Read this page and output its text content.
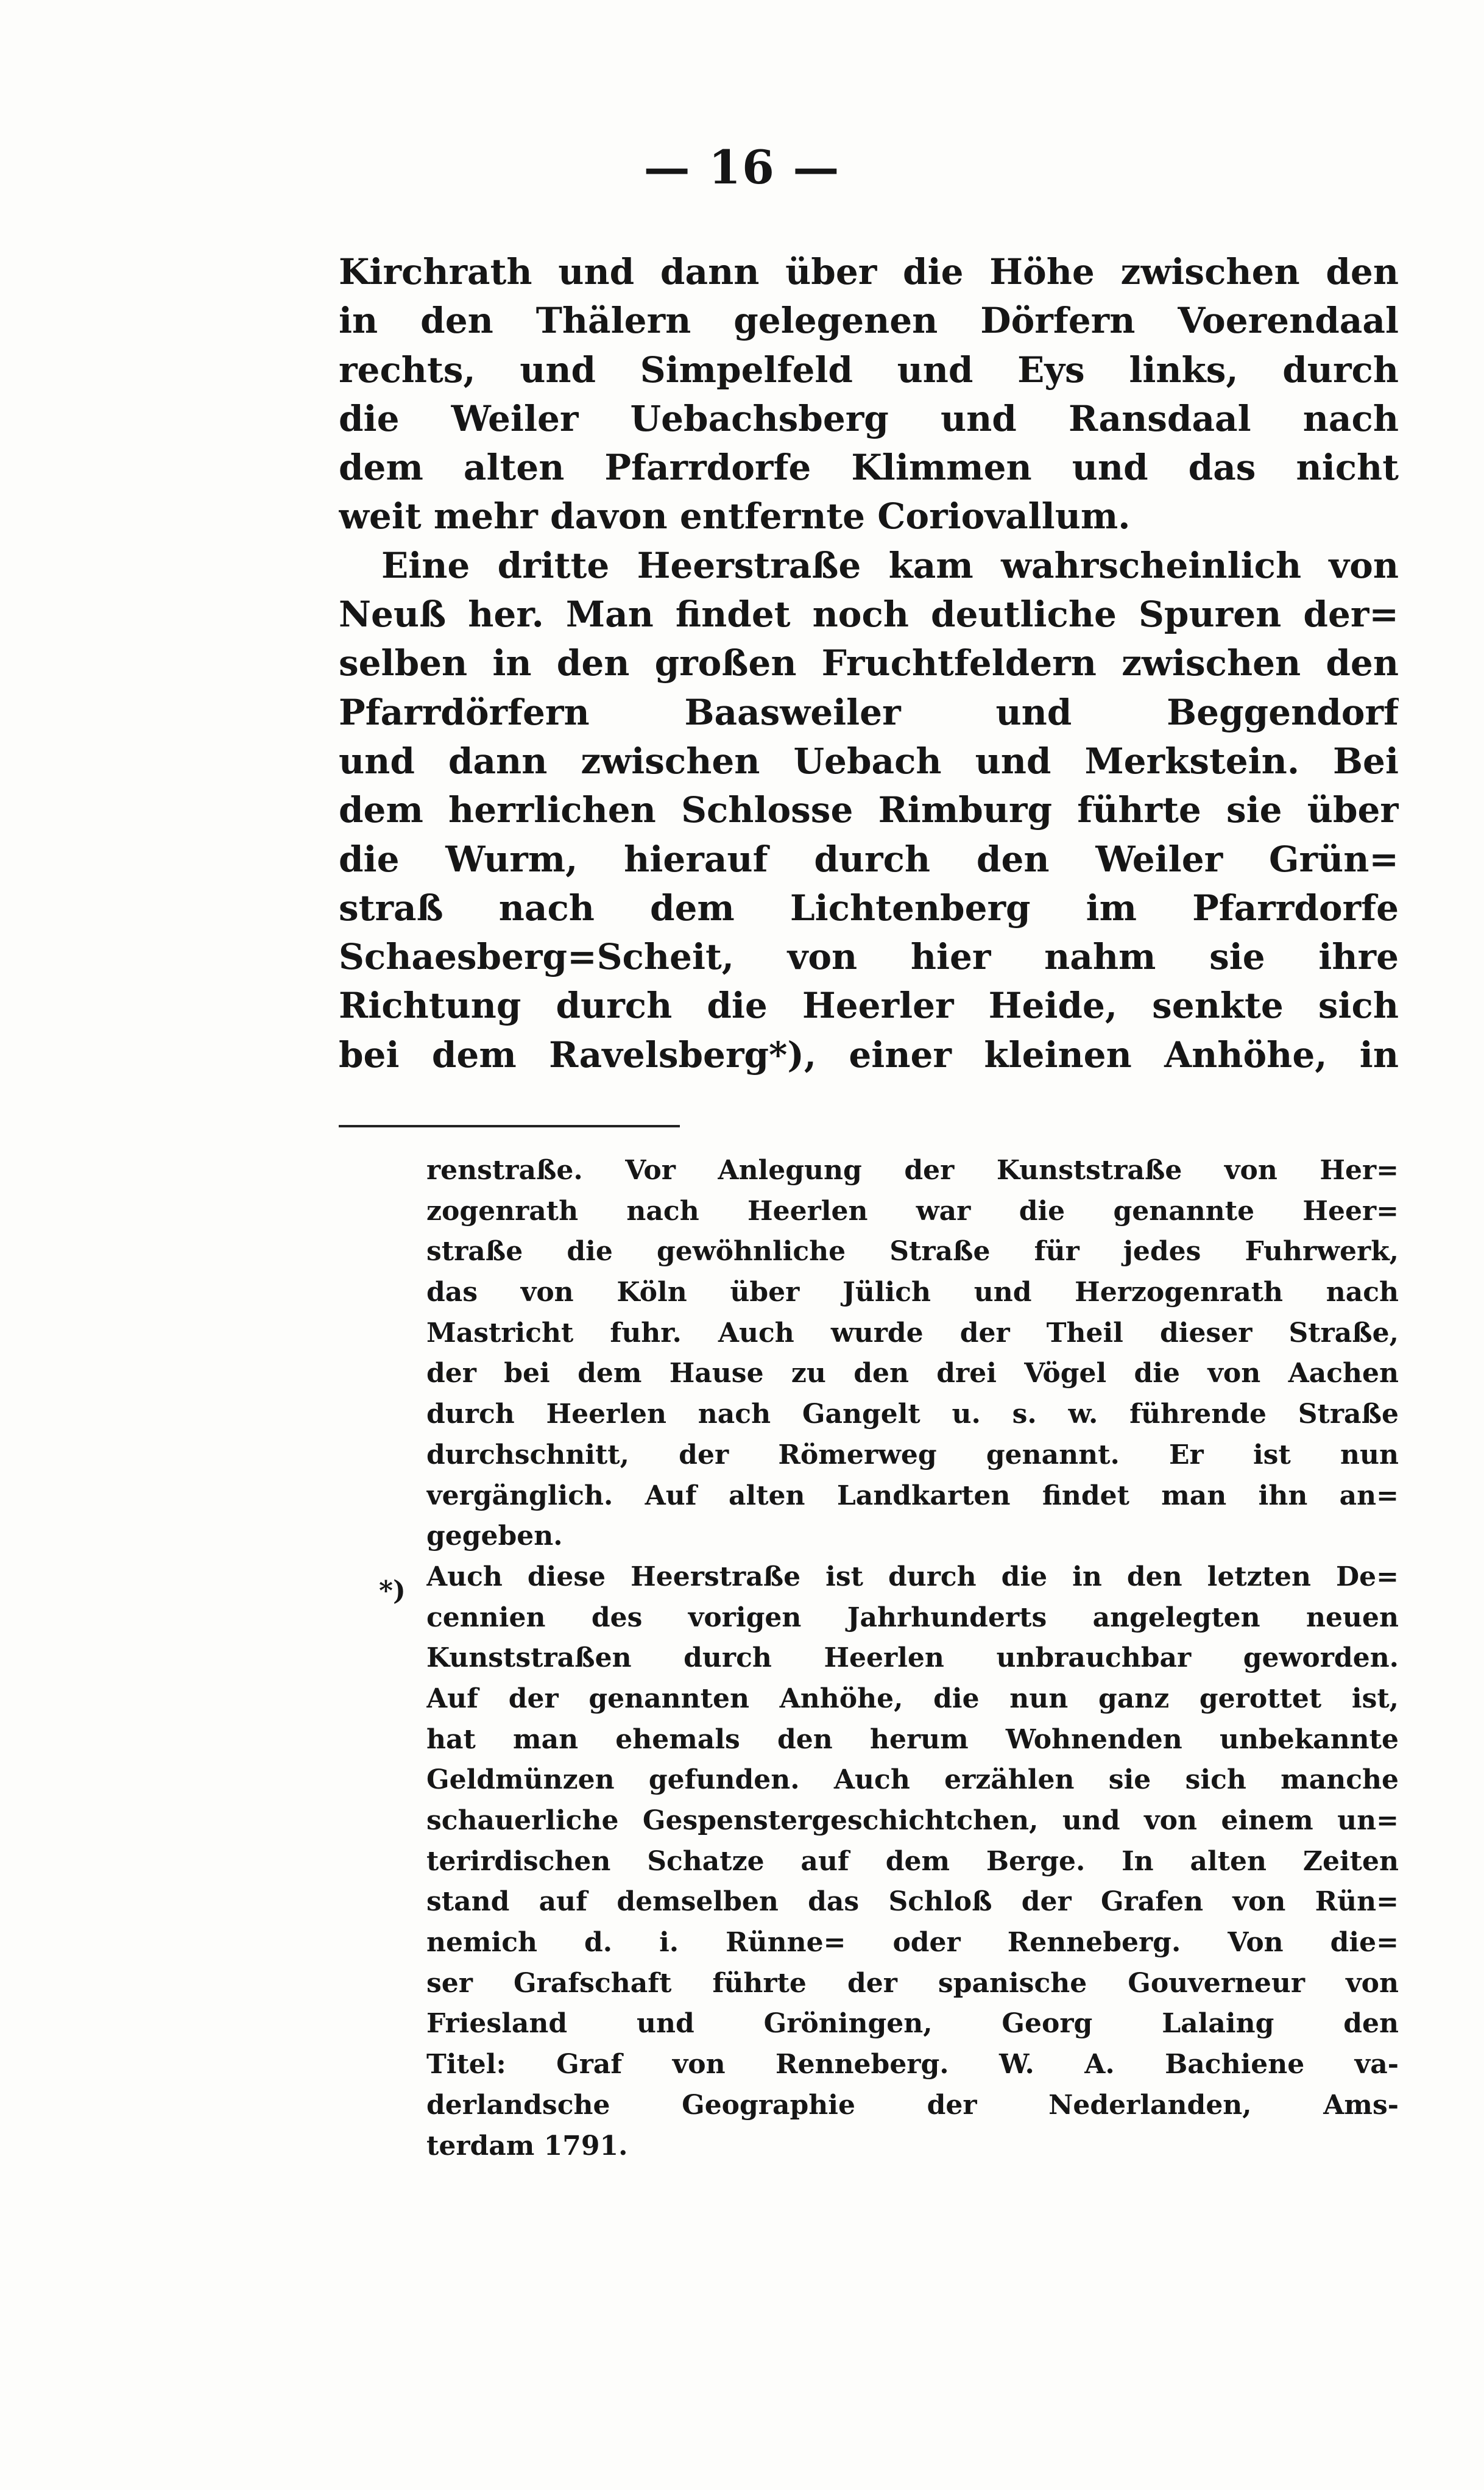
— 16 —
Kirchrath und dann über die Höhe zwischen den
in den Thälern gelegenen Dörfern Voerendaal
rechts, und Simpelfeld und Eys links, durch
die Weiler Uebachsberg und Ransdaal nach
dem alten Pfarrdorfe Klimmen und das nicht
weit mehr davon entfernte Coriovallum.
Eine dritte Heerstraße kam wahrscheinlich von
Neuß her. Man findet noch deutliche Spuren der=
selben in den großen Fruchtfeldern zwischen den
Pfarrdörfern Baasweiler und Beggendorf
und dann zwischen Uebach und Merkstein. Bei
dem herrlichen Schlosse Rimburg führte sie über
die Wurm, hierauf durch den Weiler Grün=
straß nach dem Lichtenberg im Pfarrdorfe
Schaesberg=Scheit, von hier nahm sie ihre
Richtung durch die Heerler Heide, senkte sich
bei dem Ravelsberg*), einer kleinen Anhöhe, in
renstraße. Vor Anlegung der Kunststraße von Her=
zogenrath nach Heerlen war die genannte Heer=
straße die gewöhnliche Straße für jedes Fuhrwerk,
das von Köln über Jülich und Herzogenrath nach
Mastricht fuhr. Auch wurde der Theil dieser Straße,
der bei dem Hause zu den drei Vögel die von Aachen
durch Heerlen nach Gangelt u. s. w. führende Straße
durchschnitt, der Römerweg genannt. Er ist nun
vergänglich. Auf alten Landkarten findet man ihn an=
gegeben.
Auch diese Heerstraße ist durch die in den letzten De=
cennien des vorigen Jahrhunderts angelegten neuen
Kunststraßen durch Heerlen unbrauchbar geworden.
Auf der genannten Anhöhe, die nun ganz gerottet ist,
hat man ehemals den herum Wohnenden unbekannte
Geldmünzen gefunden. Auch erzählen sie sich manche
schauerliche Gespenstergeschichtchen, und von einem un=
terirdischen Schatze auf dem Berge. In alten Zeiten
stand auf demselben das Schloß der Grafen von Rün=
nemich d. i. Rünne= oder Renneberg. Von die=
ser Grafschaft führte der spanische Gouverneur von
Friesland und Gröningen, Georg Lalaing den
Titel: Graf von Renneberg. W. A. Bachiene va-
derlandsche Geographie der Nederlanden, Ams-
terdam 1791.
*)
